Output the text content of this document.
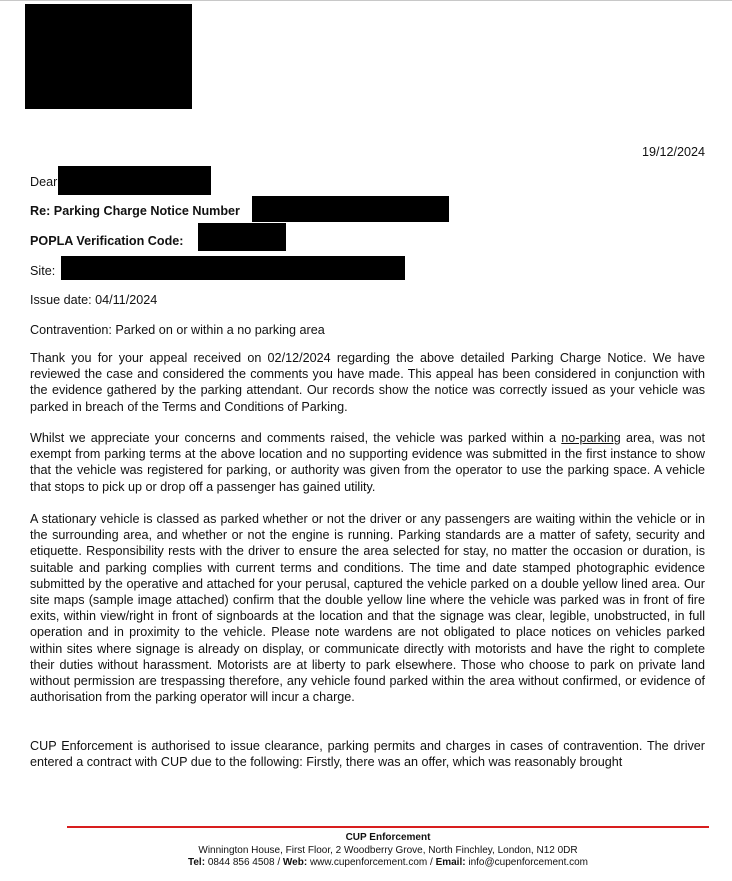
19/12/2024
Dear
Re: Parking Charge Notice Number
POPLA Verification Code:
Site:
Issue date: 04/11/2024
Contravention: Parked on or within a no parking area

Thank you for your appeal received on 02/12/2024 regarding the above detailed Parking Charge Notice. We have reviewed the case and considered the comments you have made. This appeal has been considered in conjunction with the evidence gathered by the parking attendant. Our records show the notice was correctly issued as your vehicle was parked in breach of the Terms and Conditions of Parking.

Whilst we appreciate your concerns and comments raised, the vehicle was parked within a no-parking area, was not exempt from parking terms at the above location and no supporting evidence was submitted in the first instance to show that the vehicle was registered for parking, or authority was given from the operator to use the parking space. A vehicle that stops to pick up or drop off a passenger has gained utility.

A stationary vehicle is classed as parked whether or not the driver or any passengers are waiting within the vehicle or in the surrounding area, and whether or not the engine is running. Parking standards are a matter of safety, security and etiquette. Responsibility rests with the driver to ensure the area selected for stay, no matter the occasion or duration, is suitable and parking complies with current terms and conditions. The time and date stamped photographic evidence submitted by the operative and attached for your perusal, captured the vehicle parked on a double yellow lined area. Our site maps (sample image attached) confirm that the double yellow line where the vehicle was parked was in front of fire exits, within view/right in front of signboards at the location and that the signage was clear, legible, unobstructed, in full operation and in proximity to the vehicle. Please note wardens are not obligated to place notices on vehicles parked within sites where signage is already on display, or communicate directly with motorists and have the right to complete their duties without harassment. Motorists are at liberty to park elsewhere. Those who choose to park on private land without permission are trespassing therefore, any vehicle found parked within the area without confirmed, or evidence of authorisation from the parking operator will incur a charge.

CUP Enforcement is authorised to issue clearance, parking permits and charges in cases of contravention. The driver entered a contract with CUP due to the following: Firstly, there was an offer, which was reasonably brought

CUP Enforcement
Winnington House, First Floor, 2 Woodberry Grove, North Finchley, London, N12 0DR
Tel: 0844 856 4508 / Web: www.cupenforcement.com / Email: info@cupenforcement.com
